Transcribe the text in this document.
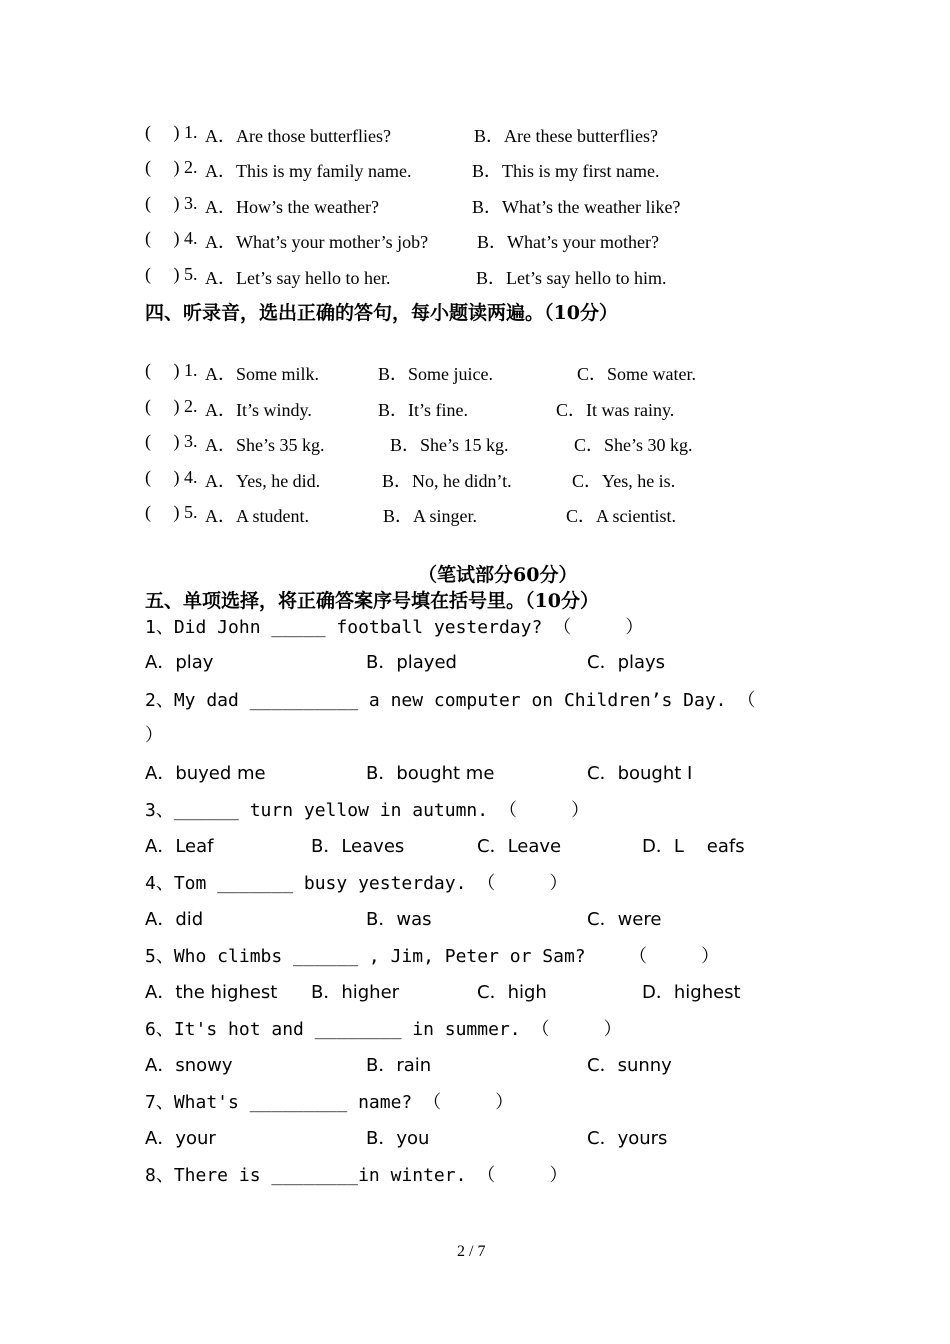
(     ) 1. A．Are those butterflies?	B．Are these butterflies?
(     ) 2. A．This is my family name.	B．This is my first name.
(     ) 3. A．How’s the weather?	B．What’s the weather like?
(     ) 4. A．What’s your mother’s job?	B．What’s your mother?
(     ) 5. A．Let’s say hello to her.	B．Let’s say hello to him.
四、听录音，选出正确的答句，每小题读两遍。（10分）
(     ) 1. A．Some milk.	B．Some juice.	C．Some water.
(     ) 2. A．It’s windy.	B．It’s fine.	C．It was rainy.
(     ) 3. A．She’s 35 kg.	B．She’s 15 kg.	C．She’s 30 kg.
(     ) 4. A．Yes, he did.	B．No, he didn’t.	C．Yes, he is.
(     ) 5. A．A student.	B．A singer.	C．A scientist.
（笔试部分60分）
五、单项选择，将正确答案序号填在括号里。（10分）
1、Did John _____ football yesterday? （     ）
A．play	B．played	C．plays
2、My dad __________ a new computer on Children’s Day. （
）
A．buyed me	B．bought me	C．bought I
3、______ turn yellow in autumn. （     ）
A．Leaf	B．Leaves	C．Leave	D．L    eafs
4、Tom _______ busy yesterday. （     ）
A．did	B．was	C．were
5、Who climbs ______ , Jim, Peter or Sam?    （     ）
A．the highest B．higher	C．high	D．highest
6、It's hot and ________ in summer. （     ）
A．snowy	B．rain	C．sunny
7、What's _________ name? （     ）
A．your	B．you	C．yours
8、There is ________in winter. （     ）
2 / 7
